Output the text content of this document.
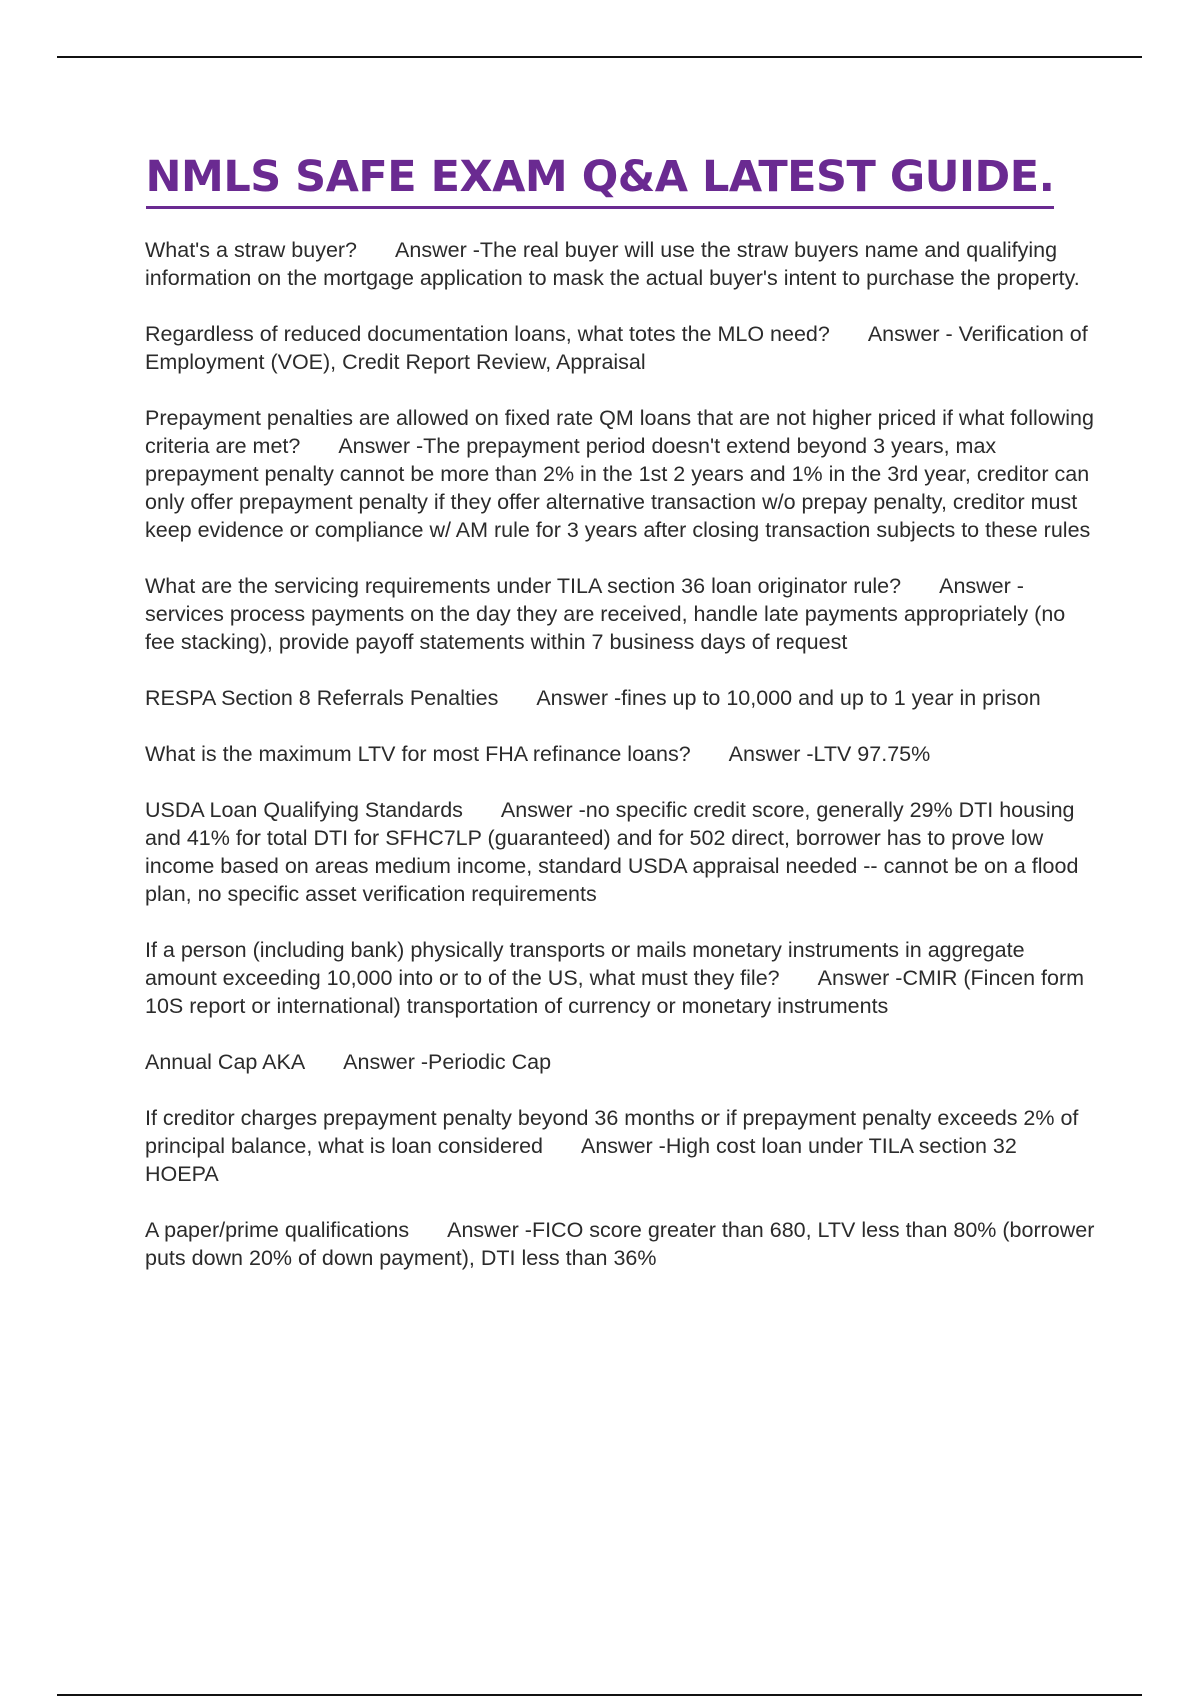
NMLS SAFE EXAM Q&A LATEST GUIDE.

What's a straw buyer? Answer -The real buyer will use the straw buyers name and qualifying information on the mortgage application to mask the actual buyer's intent to purchase the property.

Regardless of reduced documentation loans, what totes the MLO need? Answer - Verification of Employment (VOE), Credit Report Review, Appraisal

Prepayment penalties are allowed on fixed rate QM loans that are not higher priced if what following criteria are met? Answer -The prepayment period doesn't extend beyond 3 years, max prepayment penalty cannot be more than 2% in the 1st 2 years and 1% in the 3rd year, creditor can only offer prepayment penalty if they offer alternative transaction w/o prepay penalty, creditor must keep evidence or compliance w/ AM rule for 3 years after closing transaction subjects to these rules

What are the servicing requirements under TILA section 36 loan originator rule? Answer -services process payments on the day they are received, handle late payments appropriately (no fee stacking), provide payoff statements within 7 business days of request

RESPA Section 8 Referrals Penalties Answer -fines up to 10,000 and up to 1 year in prison

What is the maximum LTV for most FHA refinance loans? Answer -LTV 97.75%

USDA Loan Qualifying Standards Answer -no specific credit score, generally 29% DTI housing and 41% for total DTI for SFHC7LP (guaranteed) and for 502 direct, borrower has to prove low income based on areas medium income, standard USDA appraisal needed -- cannot be on a flood plan, no specific asset verification requirements

If a person (including bank) physically transports or mails monetary instruments in aggregate amount exceeding 10,000 into or to of the US, what must they file? Answer -CMIR (Fincen form 10S report or international) transportation of currency or monetary instruments

Annual Cap AKA Answer -Periodic Cap

If creditor charges prepayment penalty beyond 36 months or if prepayment penalty exceeds 2% of principal balance, what is loan considered Answer -High cost loan under TILA section 32 HOEPA

A paper/prime qualifications Answer -FICO score greater than 680, LTV less than 80% (borrower puts down 20% of down payment), DTI less than 36%
